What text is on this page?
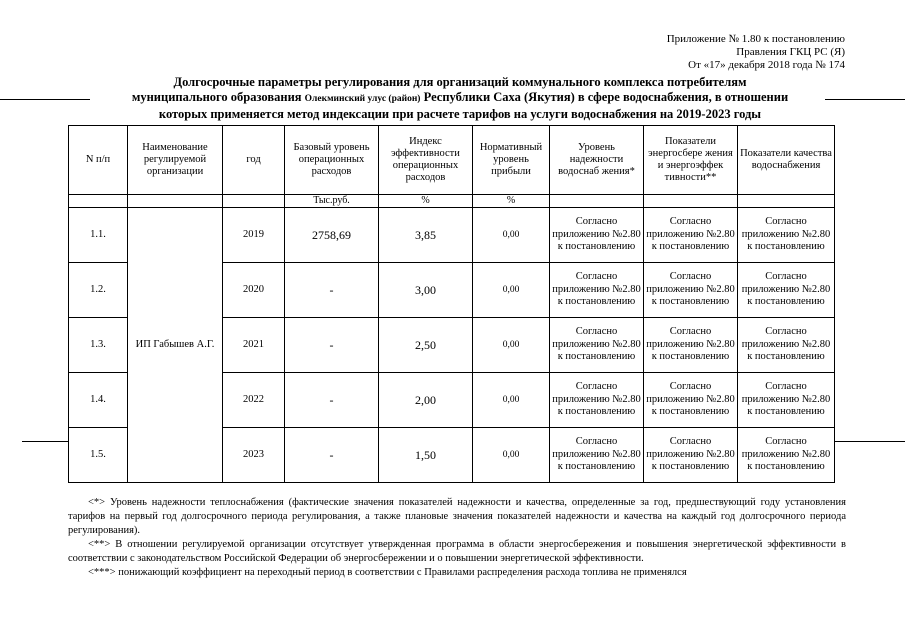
Приложение № 1.80 к постановлению
Правления ГКЦ РС (Я)
От «17» декабря 2018 года № 174
Долгосрочные параметры регулирования для организаций коммунального комплекса потребителям
муниципального образования Олекминский улус (район) Республики Саха (Якутия) в сфере водоснабжения, в отношении
которых применяется метод индексации при расчете тарифов на услуги водоснабжения на 2019-2023 годы
N п/п	Наименование регулируемой организации	год	Базовый уровень операционных расходов	Индекс эффективности операционных расходов	Нормативный уровень прибыли	Уровень надежности водоснаб жения*	Показатели энергосбере жения и энергоэффек тивности**	Показатели качества водоснабжения
			Тыс.руб.	%	%			
1.1.	ИП Габышев А.Г.	2019	2758,69	3,85	0,00	Согласно приложению №2.80 к постановлению	Согласно приложению №2.80 к постановлению	Согласно приложению №2.80 к постановлению
1.2.		2020	-	3,00	0,00	Согласно приложению №2.80 к постановлению	Согласно приложению №2.80 к постановлению	Согласно приложению №2.80 к постановлению
1.3.		2021	-	2,50	0,00	Согласно приложению №2.80 к постановлению	Согласно приложению №2.80 к постановлению	Согласно приложению №2.80 к постановлению
1.4.		2022	-	2,00	0,00	Согласно приложению №2.80 к постановлению	Согласно приложению №2.80 к постановлению	Согласно приложению №2.80 к постановлению
1.5.		2023	-	1,50	0,00	Согласно приложению №2.80 к постановлению	Согласно приложению №2.80 к постановлению	Согласно приложению №2.80 к постановлению

<*> Уровень надежности теплоснабжения (фактические значения показателей надежности и качества, определенные за год, предшествующий году установления тарифов на первый год долгосрочного периода регулирования, а также плановые значения показателей надежности и качества на каждый год долгосрочного периода регулирования).

<**> В отношении регулируемой организации отсутствует утвержденная программа в области энергосбережения и повышения энергетической эффективности в соответствии с законодательством Российской Федерации об энергосбережении и о повышении энергетической эффективности.

<***> понижающий коэффициент на переходный период в соответствии с Правилами распределения расхода топлива не применялся
